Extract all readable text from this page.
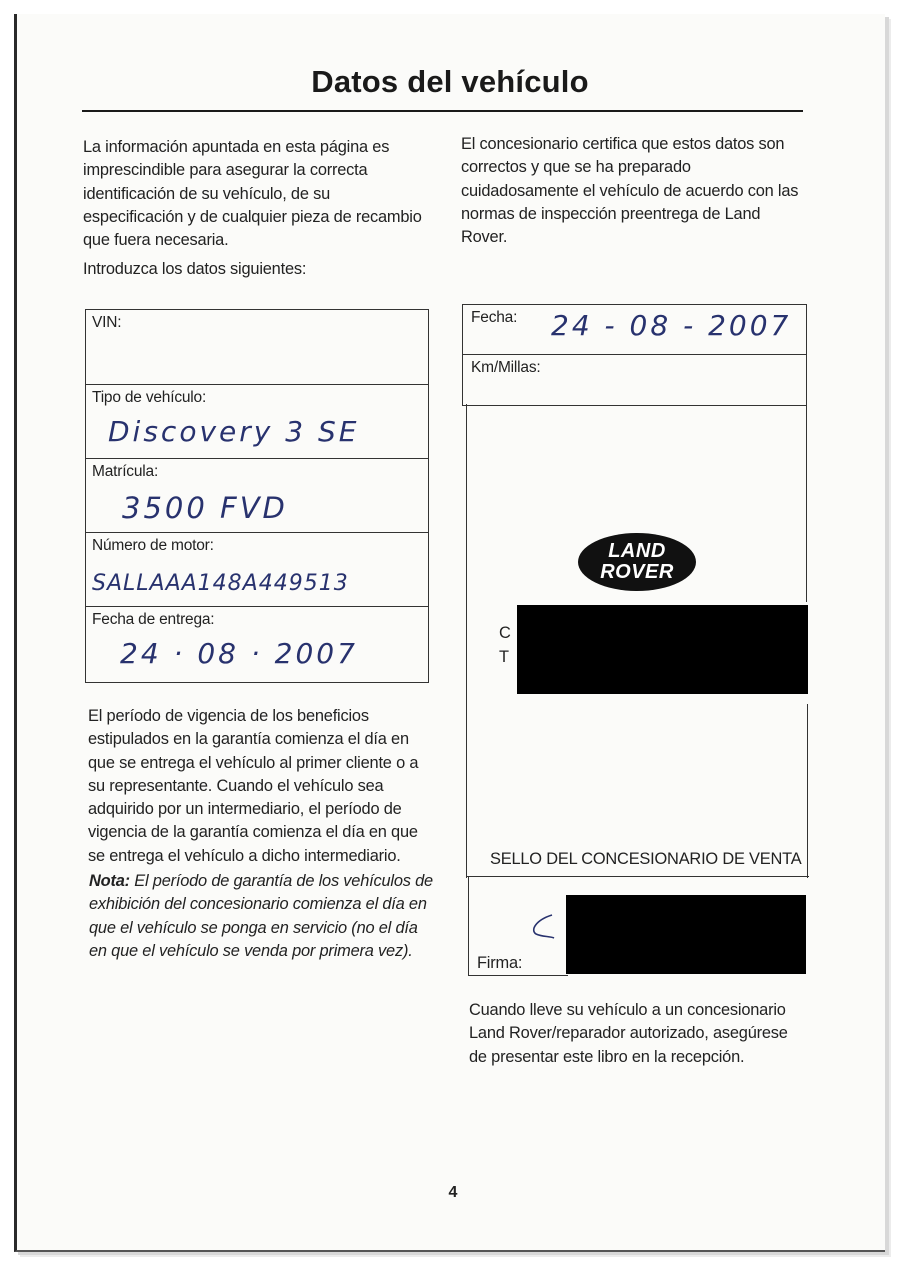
Datos del vehículo
La información apuntada en esta página es imprescindible para asegurar la correcta identificación de su vehículo, de su especificación y de cualquier pieza de recambio que fuera necesaria.
Introduzca los datos siguientes:
El concesionario certifica que estos datos son correctos y que se ha preparado cuidadosamente el vehículo de acuerdo con las normas de inspección preentrega de Land Rover.
VIN:
Tipo de vehículo:
Discovery 3 SE
Matrícula:
3500 FVD
Número de motor:
SALLAAA148A449513
Fecha de entrega:
24 · 08 · 2007
El período de vigencia de los beneficios estipulados en la garantía comienza el día en que se entrega el vehículo al primer cliente o a su representante. Cuando el vehículo sea adquirido por un intermediario, el período de vigencia de la garantía comienza el día en que se entrega el vehículo a dicho intermediario.
Nota: El período de garantía de los vehículos de exhibición del concesionario comienza el día en que el vehículo se ponga en servicio (no el día en que el vehículo se venda por primera vez).
Fecha: 24 - 08 - 2007
Km/Millas:
LAND
ROVER
C
T
SELLO DEL CONCESIONARIO DE VENTA
Firma:
Cuando lleve su vehículo a un concesionario Land Rover/reparador autorizado, asegúrese de presentar este libro en la recepción.
4
